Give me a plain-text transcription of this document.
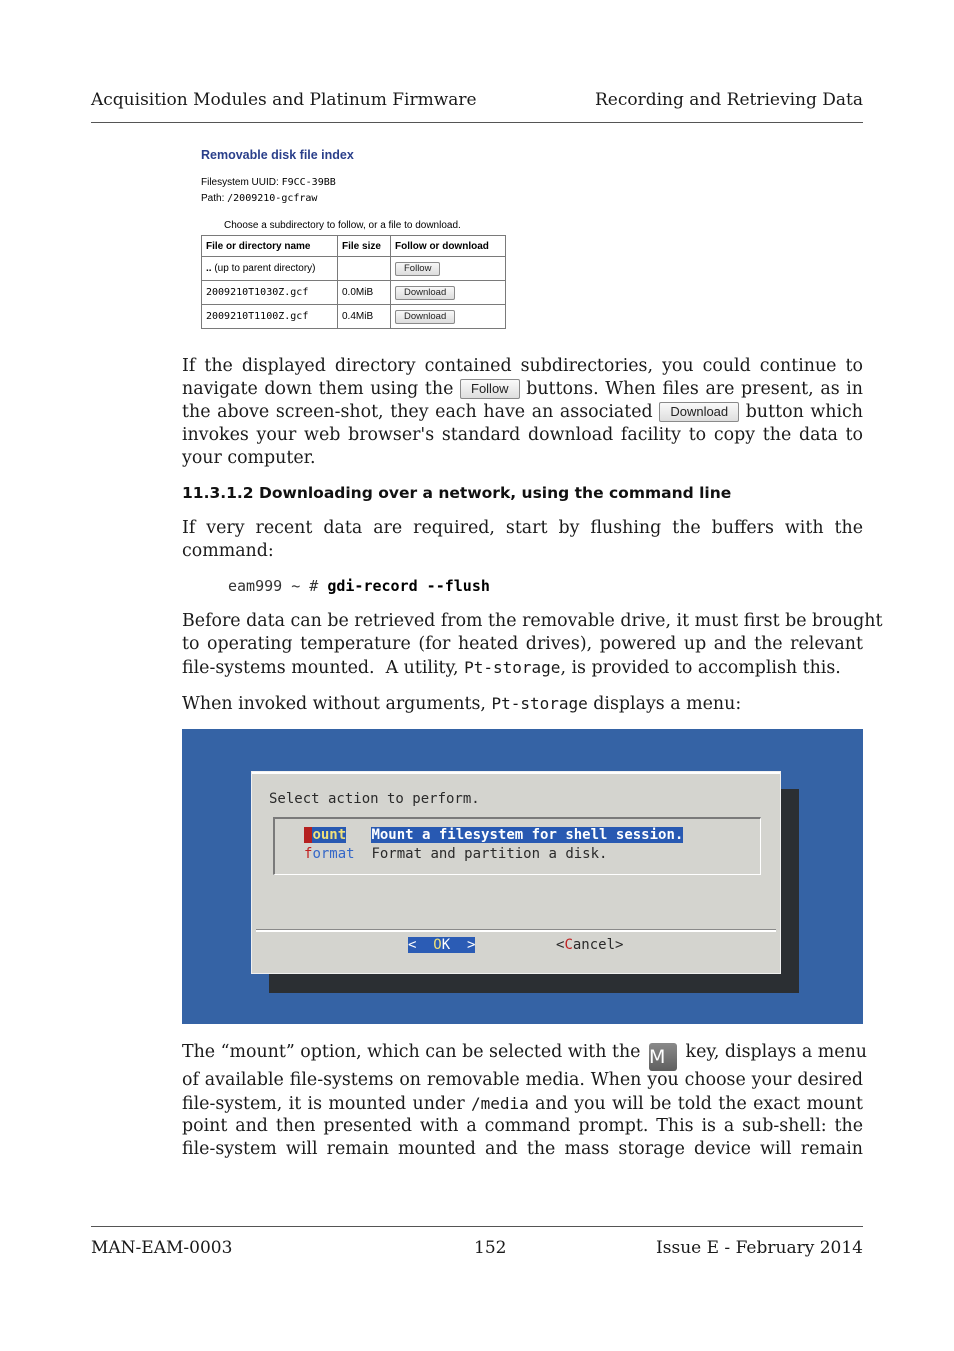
Acquisition Modules and Platinum Firmware	Recording and Retrieving Data
Removable disk file index
Filesystem UUID: F9CC-39BB
Path: /2009210-gcfraw
Choose a subdirectory to follow, or a file to download.
File or directory name	File size	Follow or download
.. (up to parent directory)		Follow
2009210T1030Z.gcf	0.0MiB	Download
2009210T1100Z.gcf	0.4MiB	Download
If the displayed directory contained subdirectories, you could continue to
navigate down them using the Follow buttons. When files are present, as in
the above screen-shot, they each have an associated Download button which
invokes your web browser's standard download facility to copy the data to
your computer.
11.3.1.2 Downloading over a network, using the command line
If very recent data are required, start by flushing the buffers with the
command:
eam999 ~ # gdi-record --flush
Before data can be retrieved from the removable drive, it must first be brought
to operating temperature (for heated drives), powered up and the relevant
file-systems mounted.  A utility, Pt-storage, is provided to accomplish this.
When invoked without arguments, Pt-storage displays a menu:
Select action to perform.
mount Mount a filesystem for shell session.
format Format and partition a disk.
<  OK  >	<Cancel>
The “mount” option, which can be selected with the M key, displays a menu
of available file-systems on removable media. When you choose your desired
file-system, it is mounted under /media and you will be told the exact mount
point and then presented with a command prompt. This is a sub-shell: the
file-system will remain mounted and the mass storage device will remain
MAN-EAM-0003	152	Issue E - February 2014
